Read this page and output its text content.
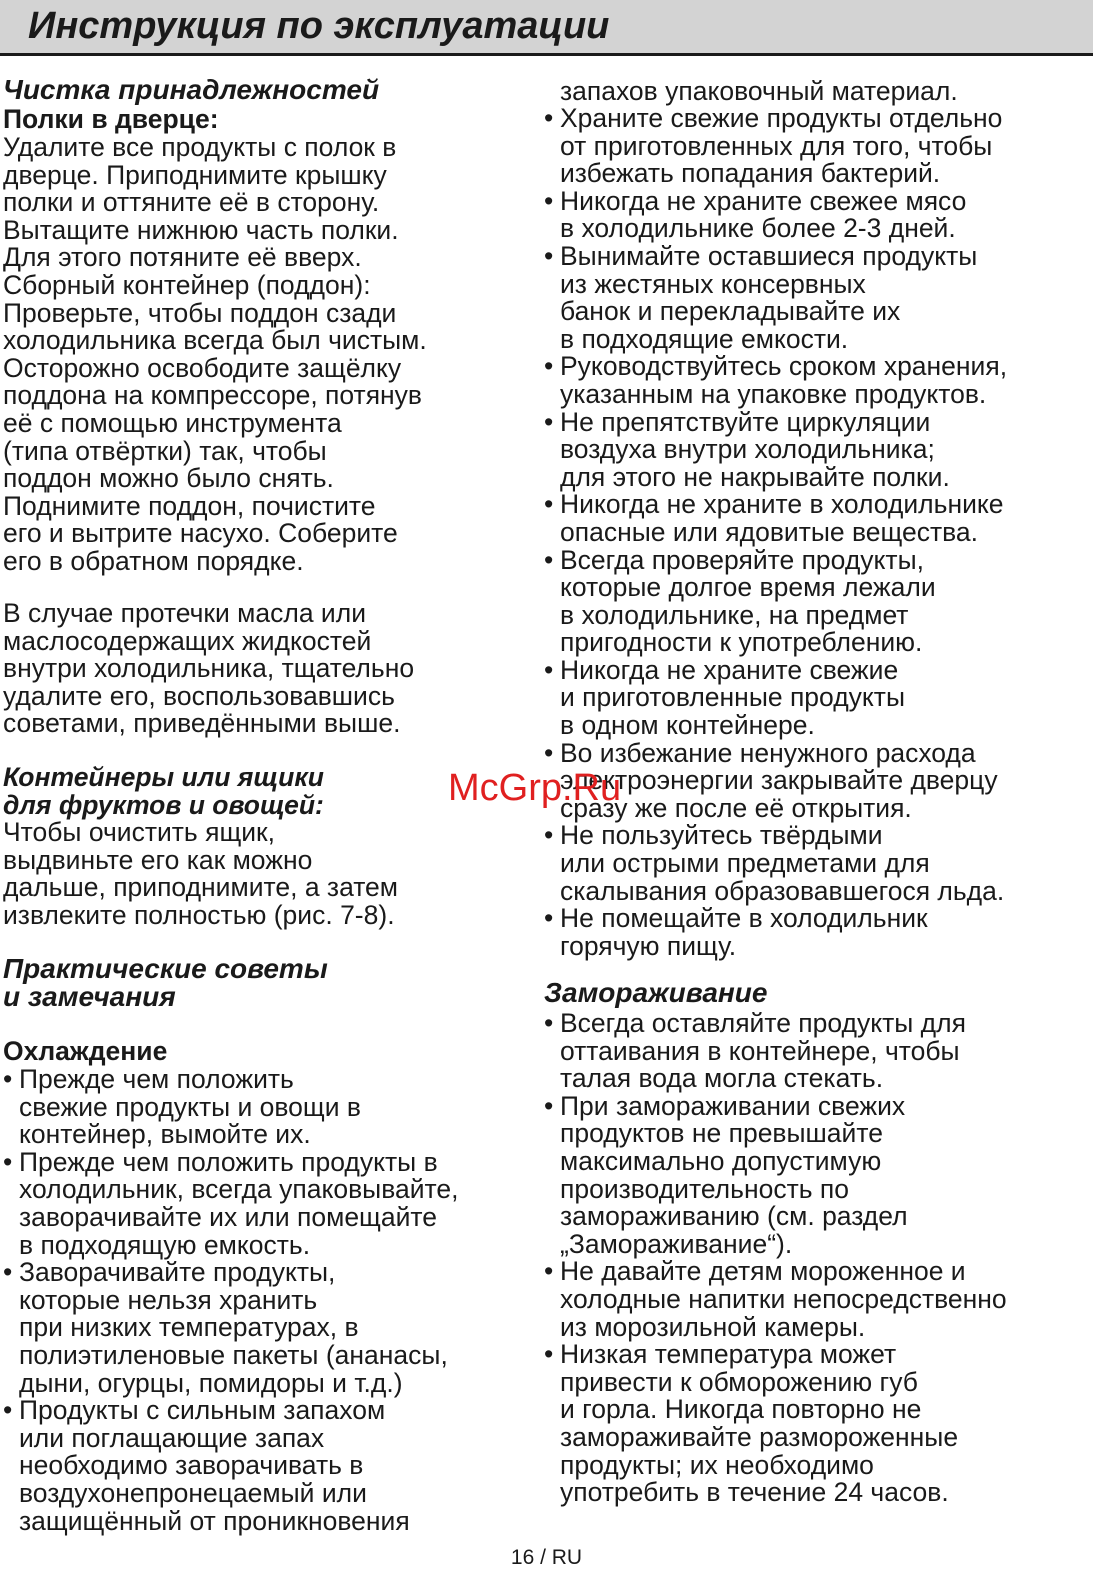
Инструкция по эксплуатации
Чистка принадлежностей
Полки в дверце:
Удалите все продукты с полок в
дверце. Приподнимите крышку
полки и оттяните её в сторону.
Вытащите нижнюю часть полки.
Для этого потяните её вверх.
Сборный контейнер (поддон):
Проверьте, чтобы поддон сзади
холодильника всегда был чистым.
Осторожно освободите защёлку
поддона на компрессоре, потянув
её с помощью инструмента
(типа отвёртки) так, чтобы
поддон можно было снять.
Поднимите поддон, почистите
его и вытрите насухо. Соберите
его в обратном порядке.
В случае протечки масла или
маслосодержащих жидкостей
внутри холодильника, тщательно
удалите его, воспользовавшись
советами, приведёнными выше.
Контейнеры или ящики
для фруктов и овощей:
Чтобы очистить ящик,
выдвиньте его как можно
дальше, приподнимите, а затем
извлеките полностью (рис. 7-8).
Практические советы
и замечания
Охлаждение
• Прежде чем положить
свежие продукты и овощи в
контейнер, вымойте их.
• Прежде чем положить продукты в
холодильник, всегда упаковывайте,
заворачивайте их или помещайте
в подходящую емкость.
• Заворачивайте продукты,
которые нельзя хранить
при низких температурах, в
полиэтиленовые пакеты (ананасы,
дыни, огурцы, помидоры и т.д.)
• Продукты с сильным запахом
или поглащающие запах
необходимо заворачивать в
воздухонепронецаемый или
защищённый от проникновения
запахов упаковочный материал.
• Храните свежие продукты отдельно
от приготовленных для того, чтобы
избежать попадания бактерий.
• Никогда не храните свежее мясо
в холодильнике более 2-3 дней.
• Вынимайте оставшиеся продукты
из жестяных консервных
банок и перекладывайте их
в подходящие емкости.
• Руководствуйтесь сроком хранения,
указанным на упаковке продуктов.
• Не препятствуйте циркуляции
воздуха внутри холодильника;
для этого не накрывайте полки.
• Никогда не храните в холодильнике
опасные или ядовитые вещества.
• Всегда проверяйте продукты,
которые долгое время лежали
в холодильнике, на предмет
пригодности к употреблению.
• Никогда не храните свежие
и приготовленные продукты
в одном контейнере.
• Во избежание ненужного расхода
электроэнергии закрывайте дверцу
сразу же после её открытия.
• Не пользуйтесь твёрдыми
или острыми предметами для
скалывания образовавшегося льда.
• Не помещайте в холодильник
горячую пищу.
Замораживание
• Всегда оставляйте продукты для
оттаивания в контейнере, чтобы
талая вода могла стекать.
• При замораживании свежих
продуктов не превышайте
максимально допустимую
производительность по
замораживанию (см. раздел
„Замораживание“).
• Не давайте детям мороженное и
холодные напитки непосредственно
из морозильной камеры.
• Низкая температура может
привести к обморожению губ
и горла. Никогда повторно не
замораживайте размороженные
продукты; их необходимо
употребить в течение 24 часов.
McGrp.Ru
16 / RU
